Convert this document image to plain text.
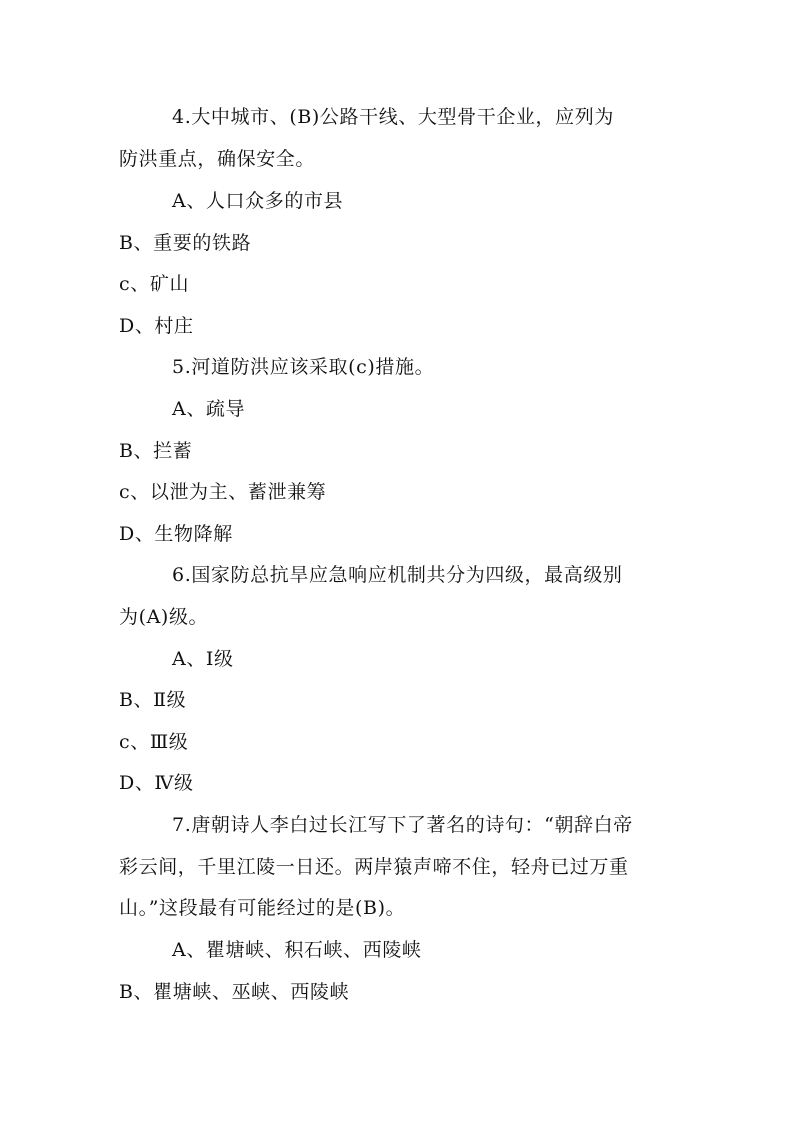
4.大中城市、(B)公路干线、大型骨干企业，应列为
防洪重点，确保安全。
A、人口众多的市县
B、重要的铁路
c、矿山
D、村庄
5.河道防洪应该采取(c)措施。
A、疏导
B、拦蓄
c、以泄为主、蓄泄兼筹
D、生物降解
6.国家防总抗旱应急响应机制共分为四级，最高级别
为(A)级。
A、Ⅰ级
B、Ⅱ级
c、Ⅲ级
D、Ⅳ级
7.唐朝诗人李白过长江写下了著名的诗句：“朝辞白帝
彩云间，千里江陵一日还。两岸猿声啼不住，轻舟已过万重
山。”这段最有可能经过的是(B)。
A、瞿塘峡、积石峡、西陵峡
B、瞿塘峡、巫峡、西陵峡
